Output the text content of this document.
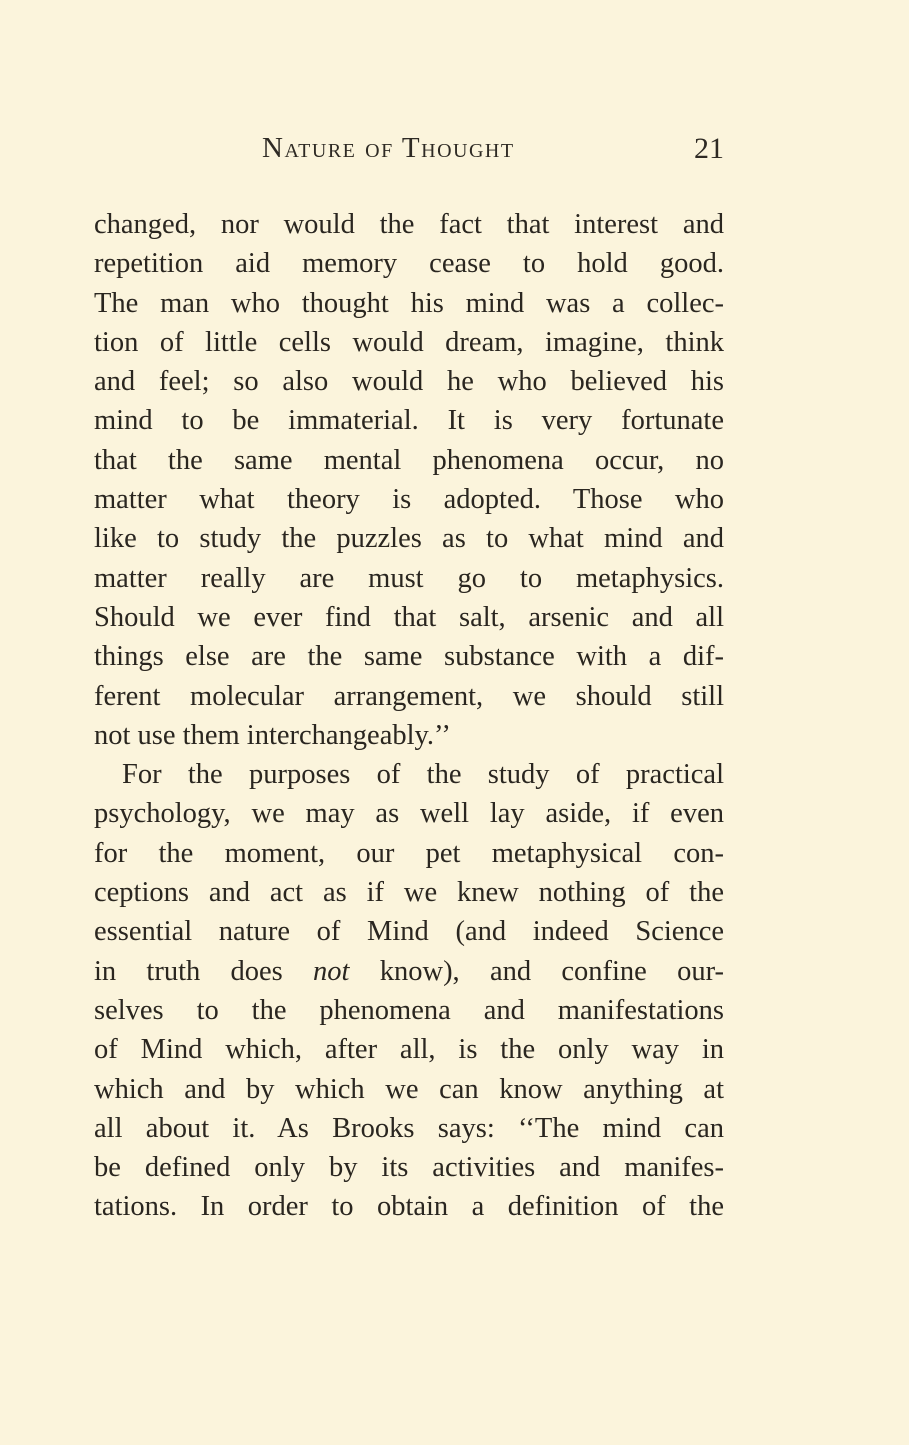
Nature of Thought	21
changed, nor would the fact that interest and
repetition aid memory cease to hold good.
The man who thought his mind was a collec-
tion of little cells would dream, imagine, think
and feel; so also would he who believed his
mind to be immaterial. It is very fortunate
that the same mental phenomena occur, no
matter what theory is adopted. Those who
like to study the puzzles as to what mind and
matter really are must go to metaphysics.
Should we ever find that salt, arsenic and all
things else are the same substance with a dif-
ferent molecular arrangement, we should still
not use them interchangeably.’’
For the purposes of the study of practical
psychology, we may as well lay aside, if even
for the moment, our pet metaphysical con-
ceptions and act as if we knew nothing of the
essential nature of Mind (and indeed Science
in truth does not know), and confine our-
selves to the phenomena and manifestations
of Mind which, after all, is the only way in
which and by which we can know anything at
all about it. As Brooks says: ‘‘The mind can
be defined only by its activities and manifes-
tations. In order to obtain a definition of the
